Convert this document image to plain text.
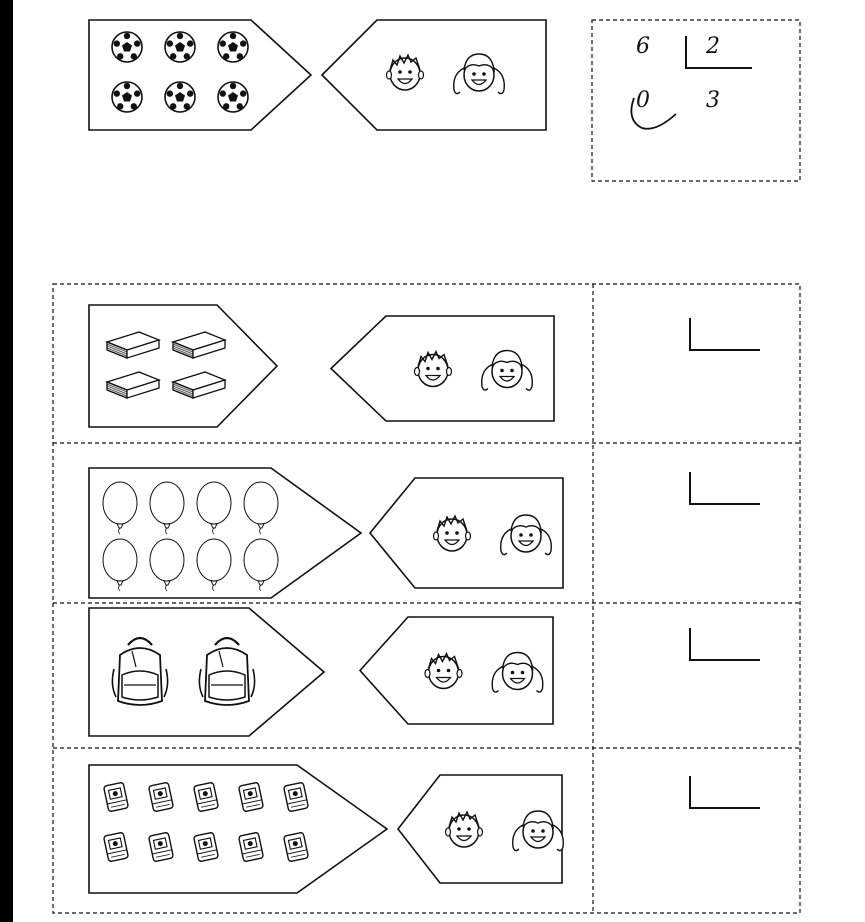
6	2
0	3
